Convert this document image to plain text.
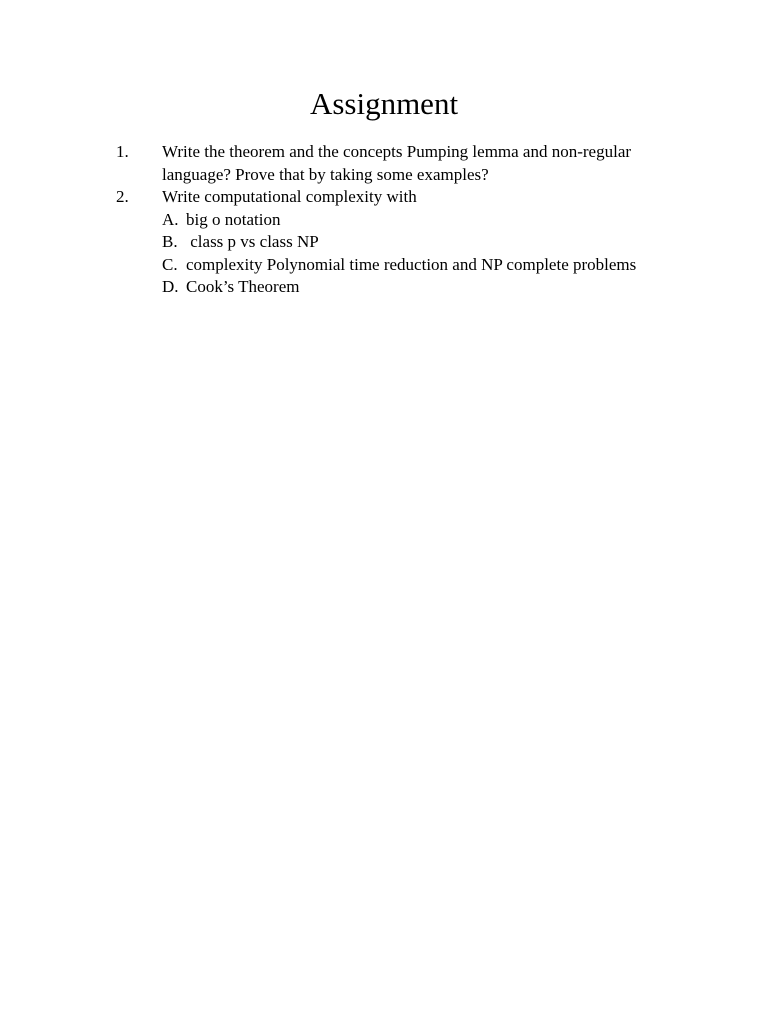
Assignment
1. Write the theorem and the concepts Pumping lemma and non-regular language? Prove that by taking some examples?
2. Write computational complexity with
A. big o notation
B. class p vs class NP
C. complexity Polynomial time reduction and NP complete problems
D. Cook’s Theorem
